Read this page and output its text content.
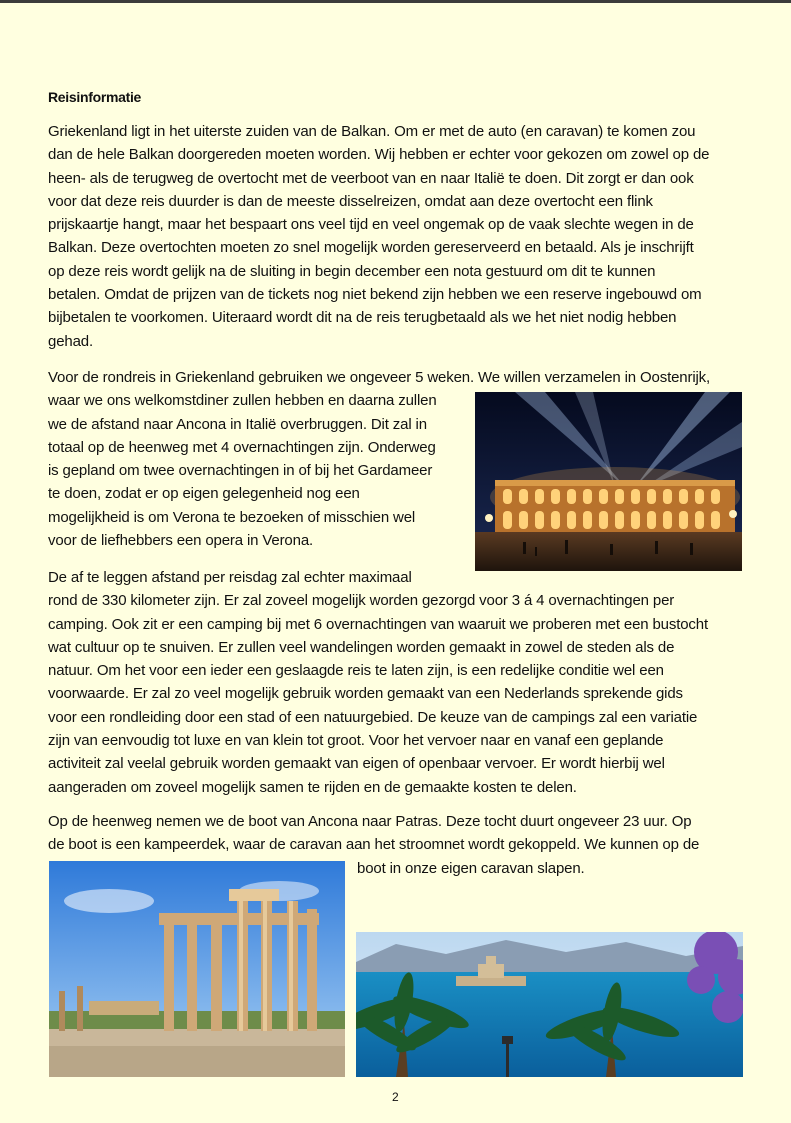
Reisinformatie

Griekenland ligt in het uiterste zuiden van de Balkan. Om er met de auto (en caravan) te komen zou
dan de hele Balkan doorgereden moeten worden. Wij hebben er echter voor gekozen om zowel op de
heen- als de terugweg de overtocht met de veerboot van en naar Italië te doen. Dit zorgt er dan ook
voor dat deze reis duurder is dan de meeste disselreizen, omdat aan deze overtocht een flink
prijskaartje hangt, maar het bespaart ons veel tijd en veel ongemak op de vaak slechte wegen in de
Balkan. Deze overtochten moeten zo snel mogelijk worden gereserveerd en betaald. Als je inschrijft
op deze reis wordt gelijk na de sluiting in begin december een nota gestuurd om dit te kunnen
betalen. Omdat de prijzen van de tickets nog niet bekend zijn hebben we een reserve ingebouwd om
bijbetalen te voorkomen. Uiteraard wordt dit na de reis terugbetaald als we het niet nodig hebben
gehad.

Voor de rondreis in Griekenland gebruiken we ongeveer 5 weken. We willen verzamelen in Oostenrijk,
waar we ons welkomstdiner zullen hebben en daarna zullen
we de afstand naar Ancona in Italië overbruggen. Dit zal in
totaal op de heenweg met 4 overnachtingen zijn. Onderweg
is gepland om twee overnachtingen in of bij het Gardameer
te doen, zodat er op eigen gelegenheid nog een
mogelijkheid is om Verona te bezoeken of misschien wel
voor de liefhebbers een opera in Verona.

De af te leggen afstand per reisdag zal echter maximaal
rond de 330 kilometer zijn. Er zal zoveel mogelijk worden gezorgd voor 3 á 4 overnachtingen per
camping. Ook zit er een camping bij met 6 overnachtingen van waaruit we proberen met een bustocht
wat cultuur op te snuiven. Er zullen veel wandelingen worden gemaakt in zowel de steden als de
natuur. Om het voor een ieder een geslaagde reis te laten zijn, is een redelijke conditie wel een
voorwaarde. Er zal zo veel mogelijk gebruik worden gemaakt van een Nederlands sprekende gids
voor een rondleiding door een stad of een natuurgebied. De keuze van de campings zal een variatie
zijn van eenvoudig tot luxe en van klein tot groot. Voor het vervoer naar en vanaf een geplande
activiteit zal veelal gebruik worden gemaakt van eigen of openbaar vervoer. Er wordt hierbij wel
aangeraden om zoveel mogelijk samen te rijden en de gemaakte kosten te delen.

Op de heenweg nemen we de boot van Ancona naar Patras. Deze tocht duurt ongeveer 23 uur. Op
de boot is een kampeerdek, waar de caravan aan het stroomnet wordt gekoppeld. We kunnen op de

boot in onze eigen caravan slapen.

2
